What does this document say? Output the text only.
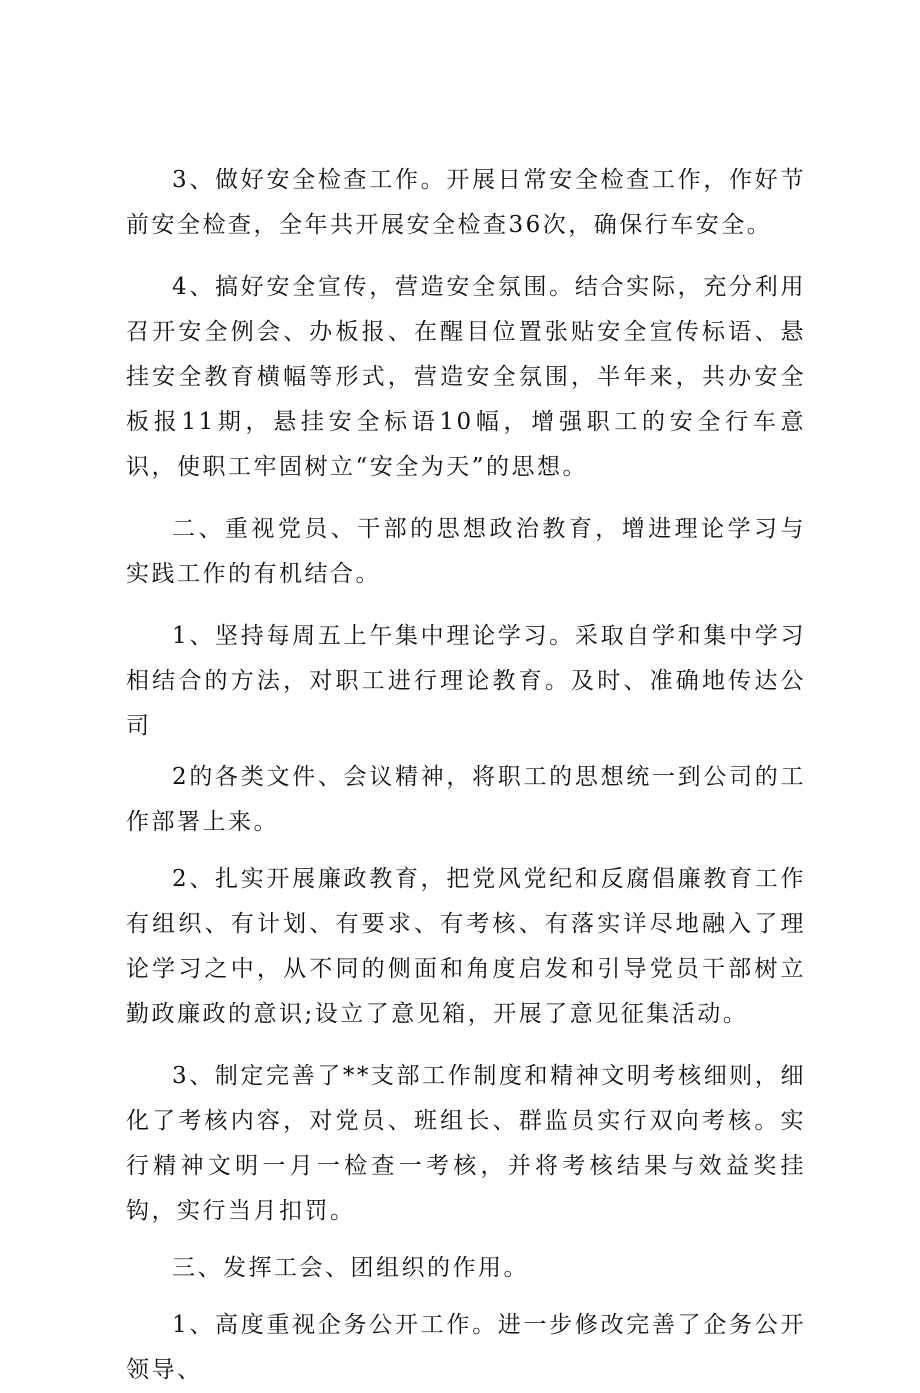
3、做好安全检查工作。开展日常安全检查工作，作好节前安全检查，全年共开展安全检查36次，确保行车安全。

4、搞好安全宣传，营造安全氛围。结合实际，充分利用召开安全例会、办板报、在醒目位置张贴安全宣传标语、悬挂安全教育横幅等形式，营造安全氛围，半年来，共办安全板报11期，悬挂安全标语10幅，增强职工的安全行车意识，使职工牢固树立“安全为天”的思想。

二、重视党员、干部的思想政治教育，增进理论学习与实践工作的有机结合。

1、坚持每周五上午集中理论学习。采取自学和集中学习相结合的方法，对职工进行理论教育。及时、准确地传达公司

2的各类文件、会议精神，将职工的思想统一到公司的工作部署上来。

2、扎实开展廉政教育，把党风党纪和反腐倡廉教育工作有组织、有计划、有要求、有考核、有落实详尽地融入了理论学习之中，从不同的侧面和角度启发和引导党员干部树立勤政廉政的意识;设立了意见箱，开展了意见征集活动。

3、制定完善了**支部工作制度和精神文明考核细则，细化了考核内容，对党员、班组长、群监员实行双向考核。实行精神文明一月一检查一考核，并将考核结果与效益奖挂钩，实行当月扣罚。

三、发挥工会、团组织的作用。

1、高度重视企务公开工作。进一步修改完善了企务公开领导、
